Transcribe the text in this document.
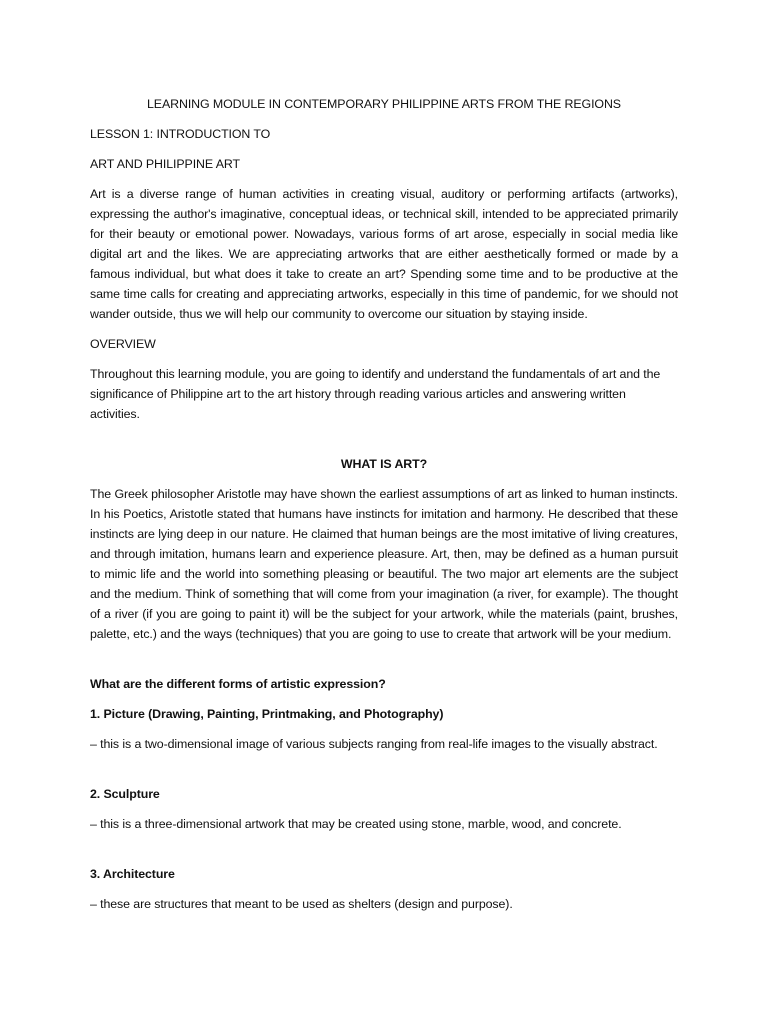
LEARNING MODULE IN CONTEMPORARY PHILIPPINE ARTS FROM THE REGIONS

LESSON 1: INTRODUCTION TO

ART AND PHILIPPINE ART

Art is a diverse range of human activities in creating visual, auditory or performing artifacts (artworks), expressing the author's imaginative, conceptual ideas, or technical skill, intended to be appreciated primarily for their beauty or emotional power. Nowadays, various forms of art arose, especially in social media like digital art and the likes. We are appreciating artworks that are either aesthetically formed or made by a famous individual, but what does it take to create an art? Spending some time and to be productive at the same time calls for creating and appreciating artworks, especially in this time of pandemic, for we should not wander outside, thus we will help our community to overcome our situation by staying inside.

OVERVIEW

Throughout this learning module, you are going to identify and understand the fundamentals of art and the significance of Philippine art to the art history through reading various articles and answering written activities.

WHAT IS ART?

The Greek philosopher Aristotle may have shown the earliest assumptions of art as linked to human instincts. In his Poetics, Aristotle stated that humans have instincts for imitation and harmony. He described that these instincts are lying deep in our nature. He claimed that human beings are the most imitative of living creatures, and through imitation, humans learn and experience pleasure. Art, then, may be defined as a human pursuit to mimic life and the world into something pleasing or beautiful. The two major art elements are the subject and the medium. Think of something that will come from your imagination (a river, for example). The thought of a river (if you are going to paint it) will be the subject for your artwork, while the materials (paint, brushes, palette, etc.) and the ways (techniques) that you are going to use to create that artwork will be your medium.

What are the different forms of artistic expression?

1. Picture (Drawing, Painting, Printmaking, and Photography)

– this is a two-dimensional image of various subjects ranging from real-life images to the visually abstract.

2. Sculpture

– this is a three-dimensional artwork that may be created using stone, marble, wood, and concrete.

3. Architecture

– these are structures that meant to be used as shelters (design and purpose).
